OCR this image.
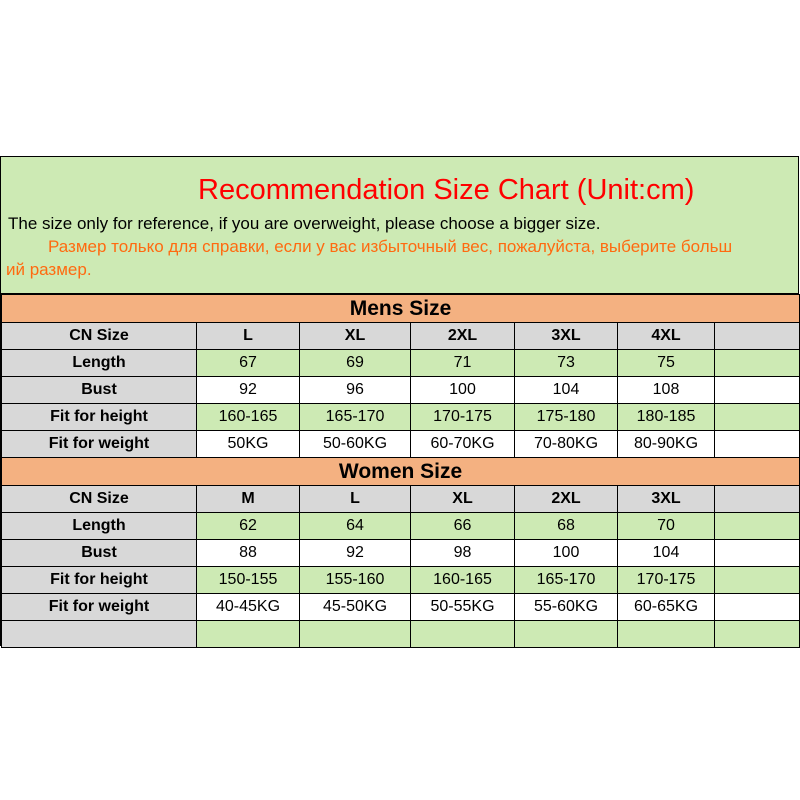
Recommendation Size Chart (Unit:cm)
The size only for reference, if you are overweight, please choose a bigger size.
Размер только для справки, если у вас избыточный вес, пожалуйста, выберите больш
ий размер.
Mens Size						
CN Size	L	XL	2XL	3XL	4XL	
Length	67	69	71	73	75	
Bust	92	96	100	104	108	
Fit for height	160-165	165-170	170-175	175-180	180-185	
Fit for weight	50KG	50-60KG	60-70KG	70-80KG	80-90KG	
Women Size						
CN Size	M	L	XL	2XL	3XL	
Length	62	64	66	68	70	
Bust	88	92	98	100	104	
Fit for height	150-155	155-160	160-165	165-170	170-175	
Fit for weight	40-45KG	45-50KG	50-55KG	55-60KG	60-65KG	
